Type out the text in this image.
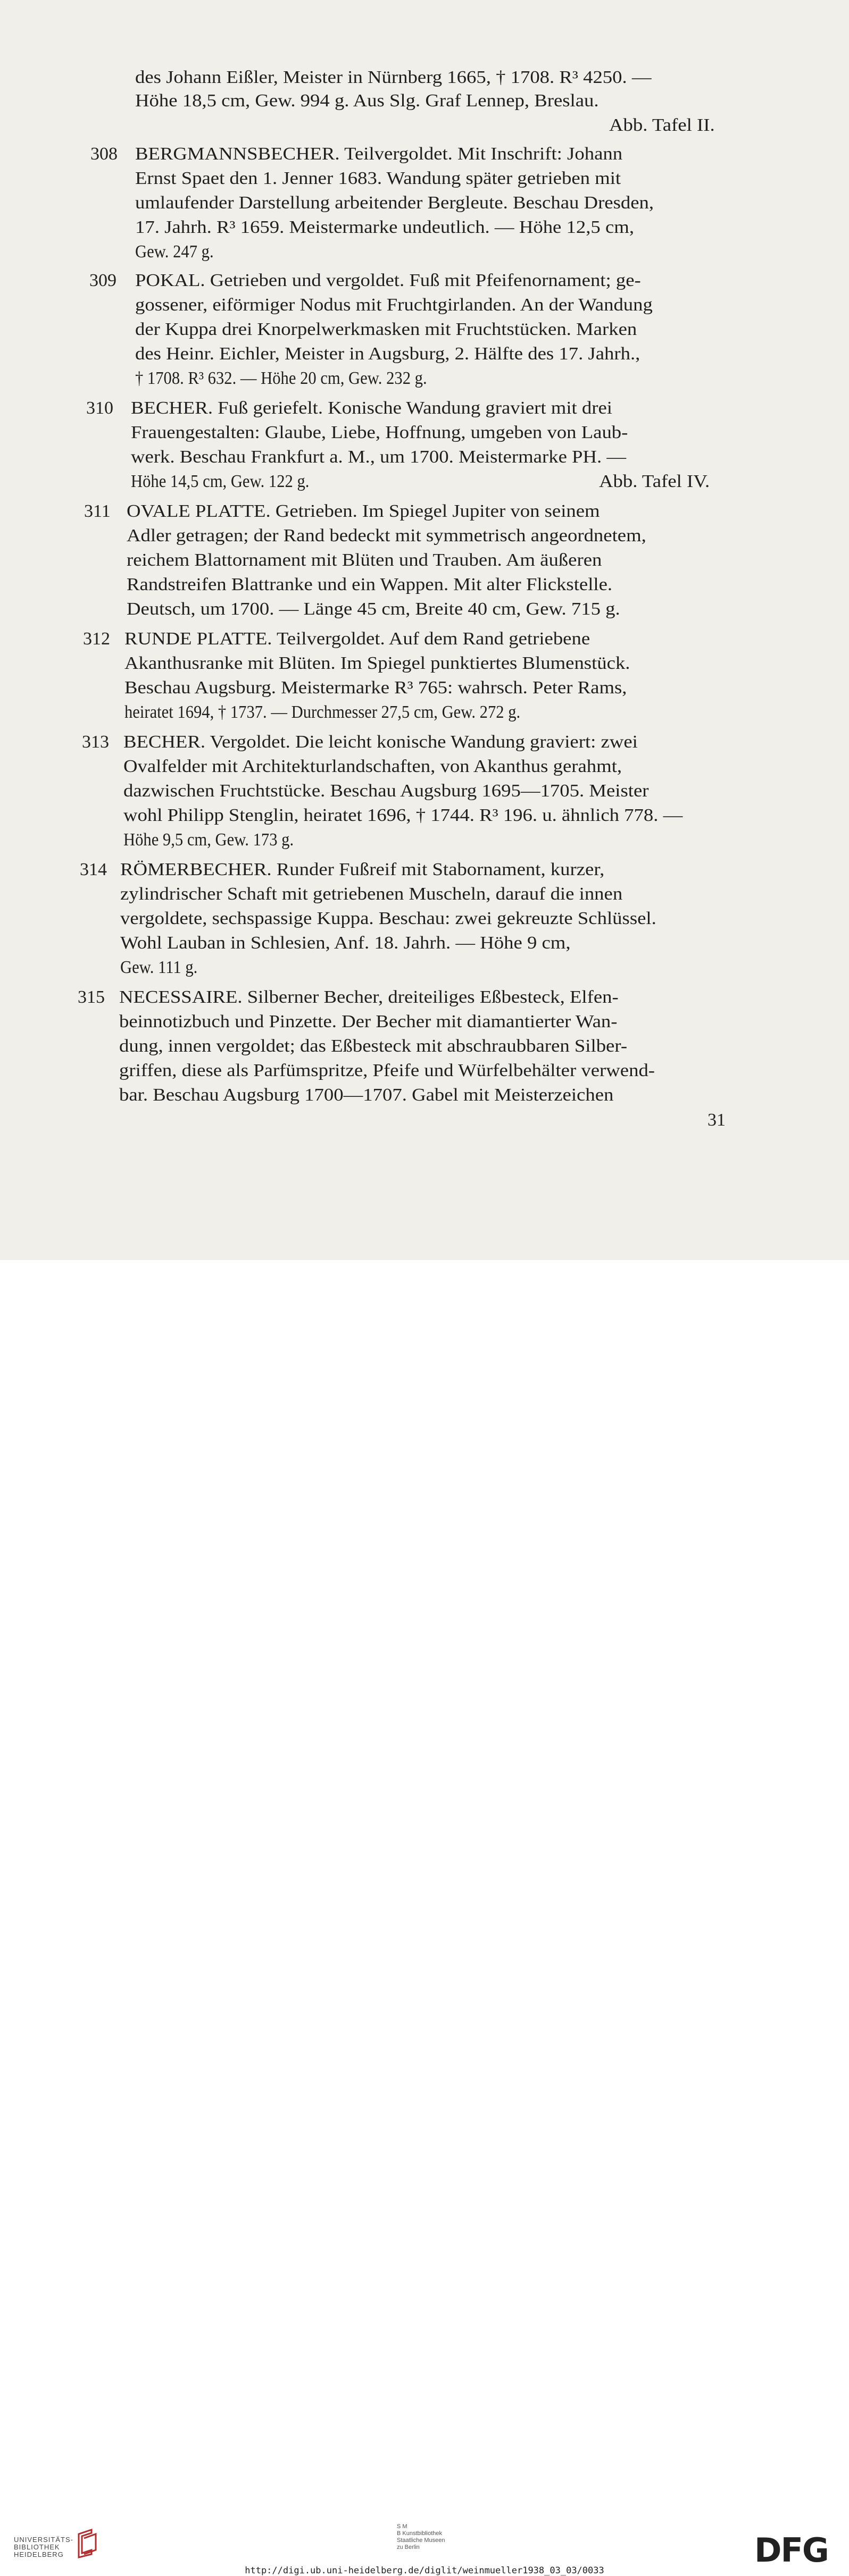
des Johann Eißler, Meister in Nürnberg 1665, † 1708. R³ 4250. —
Höhe 18,5 cm, Gew. 994 g. Aus Slg. Graf Lennep, Breslau.
Abb. Tafel II.
BERGMANNSBECHER. Teilvergoldet. Mit Inschrift: Johann
Ernst Spaet den 1. Jenner 1683. Wandung später getrieben mit
umlaufender Darstellung arbeitender Bergleute. Beschau Dresden,
17. Jahrh. R³ 1659. Meistermarke undeutlich. — Höhe 12,5 cm,
Gew. 247 g.
POKAL. Getrieben und vergoldet. Fuß mit Pfeifenornament; ge-
gossener, eiförmiger Nodus mit Fruchtgirlanden. An der Wandung
der Kuppa drei Knorpelwerkmasken mit Fruchtstücken. Marken
des Heinr. Eichler, Meister in Augsburg, 2. Hälfte des 17. Jahrh.,
† 1708. R³ 632. — Höhe 20 cm, Gew. 232 g.
BECHER. Fuß geriefelt. Konische Wandung graviert mit drei
Frauengestalten: Glaube, Liebe, Hoffnung, umgeben von Laub-
werk. Beschau Frankfurt a. M., um 1700. Meistermarke PH. —
Höhe 14,5 cm, Gew. 122 g.	Abb. Tafel IV.
OVALE PLATTE. Getrieben. Im Spiegel Jupiter von seinem
Adler getragen; der Rand bedeckt mit symmetrisch angeordnetem,
reichem Blattornament mit Blüten und Trauben. Am äußeren
Randstreifen Blattranke und ein Wappen. Mit alter Flickstelle.
Deutsch, um 1700. — Länge 45 cm, Breite 40 cm, Gew. 715 g.
RUNDE PLATTE. Teilvergoldet. Auf dem Rand getriebene
Akanthusranke mit Blüten. Im Spiegel punktiertes Blumenstück.
Beschau Augsburg. Meistermarke R³ 765: wahrsch. Peter Rams,
heiratet 1694, † 1737. — Durchmesser 27,5 cm, Gew. 272 g.
BECHER. Vergoldet. Die leicht konische Wandung graviert: zwei
Ovalfelder mit Architekturlandschaften, von Akanthus gerahmt,
dazwischen Fruchtstücke. Beschau Augsburg 1695—1705. Meister
wohl Philipp Stenglin, heiratet 1696, † 1744. R³ 196. u. ähnlich 778. —
Höhe 9,5 cm, Gew. 173 g.
RÖMERBECHER. Runder Fußreif mit Stabornament, kurzer,
zylindrischer Schaft mit getriebenen Muscheln, darauf die innen
vergoldete, sechspassige Kuppa. Beschau: zwei gekreuzte Schlüssel.
Wohl Lauban in Schlesien, Anf. 18. Jahrh. — Höhe 9 cm,
Gew. 111 g.
NECESSAIRE. Silberner Becher, dreiteiliges Eßbesteck, Elfen-
beinnotizbuch und Pinzette. Der Becher mit diamantierter Wan-
dung, innen vergoldet; das Eßbesteck mit abschraubbaren Silber-
griffen, diese als Parfümspritze, Pfeife und Würfelbehälter verwend-
bar. Beschau Augsburg 1700—1707. Gabel mit Meisterzeichen
308
309
310
311
312
313
314
315
31
UNIVERSITÄTS-
BIBLIOTHEK
HEIDELBERG
S M
B Kunstbibliothek
Staatliche Museen
zu Berlin	DFG
http://digi.ub.uni-heidelberg.de/diglit/weinmueller1938_03_03/0033
